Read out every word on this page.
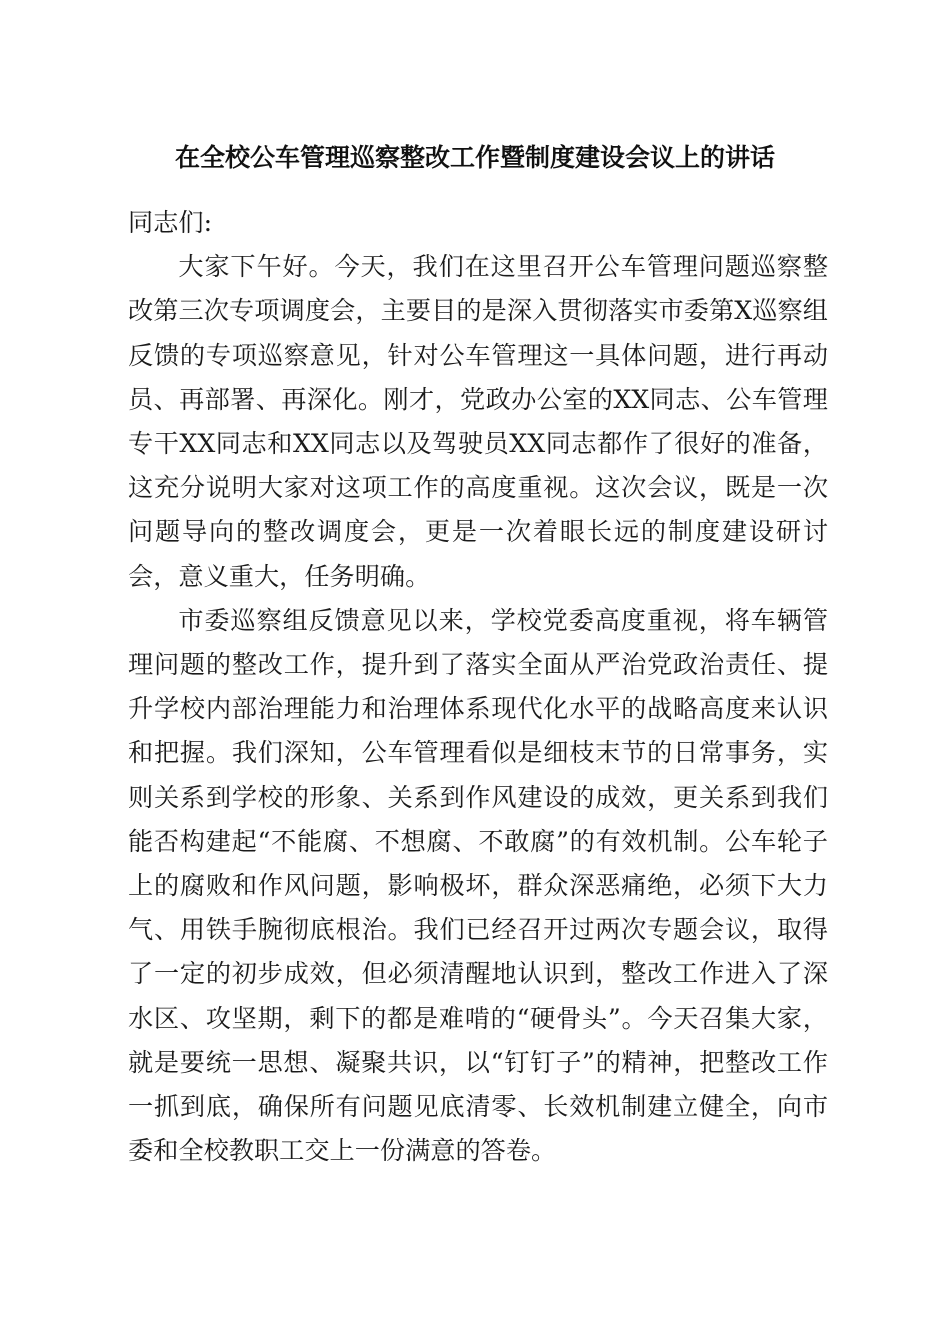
在全校公车管理巡察整改工作暨制度建设会议上的讲话

同志们:

大家下午好。今天，我们在这里召开公车管理问题巡察整改第三次专项调度会，主要目的是深入贯彻落实市委第X巡察组反馈的专项巡察意见，针对公车管理这一具体问题，进行再动员、再部署、再深化。刚才，党政办公室的XX同志、公车管理专干XX同志和XX同志以及驾驶员XX同志都作了很好的准备，这充分说明大家对这项工作的高度重视。这次会议，既是一次问题导向的整改调度会，更是一次着眼长远的制度建设研讨会，意义重大，任务明确。

市委巡察组反馈意见以来，学校党委高度重视，将车辆管理问题的整改工作，提升到了落实全面从严治党政治责任、提升学校内部治理能力和治理体系现代化水平的战略高度来认识和把握。我们深知，公车管理看似是细枝末节的日常事务，实则关系到学校的形象、关系到作风建设的成效，更关系到我们能否构建起“不能腐、不想腐、不敢腐”的有效机制。公车轮子上的腐败和作风问题，影响极坏，群众深恶痛绝，必须下大力气、用铁手腕彻底根治。我们已经召开过两次专题会议，取得了一定的初步成效，但必须清醒地认识到，整改工作进入了深水区、攻坚期，剩下的都是难啃的“硬骨头”。今天召集大家，就是要统一思想、凝聚共识，以“钉钉子”的精神，把整改工作一抓到底，确保所有问题见底清零、长效机制建立健全，向市委和全校教职工交上一份满意的答卷。
